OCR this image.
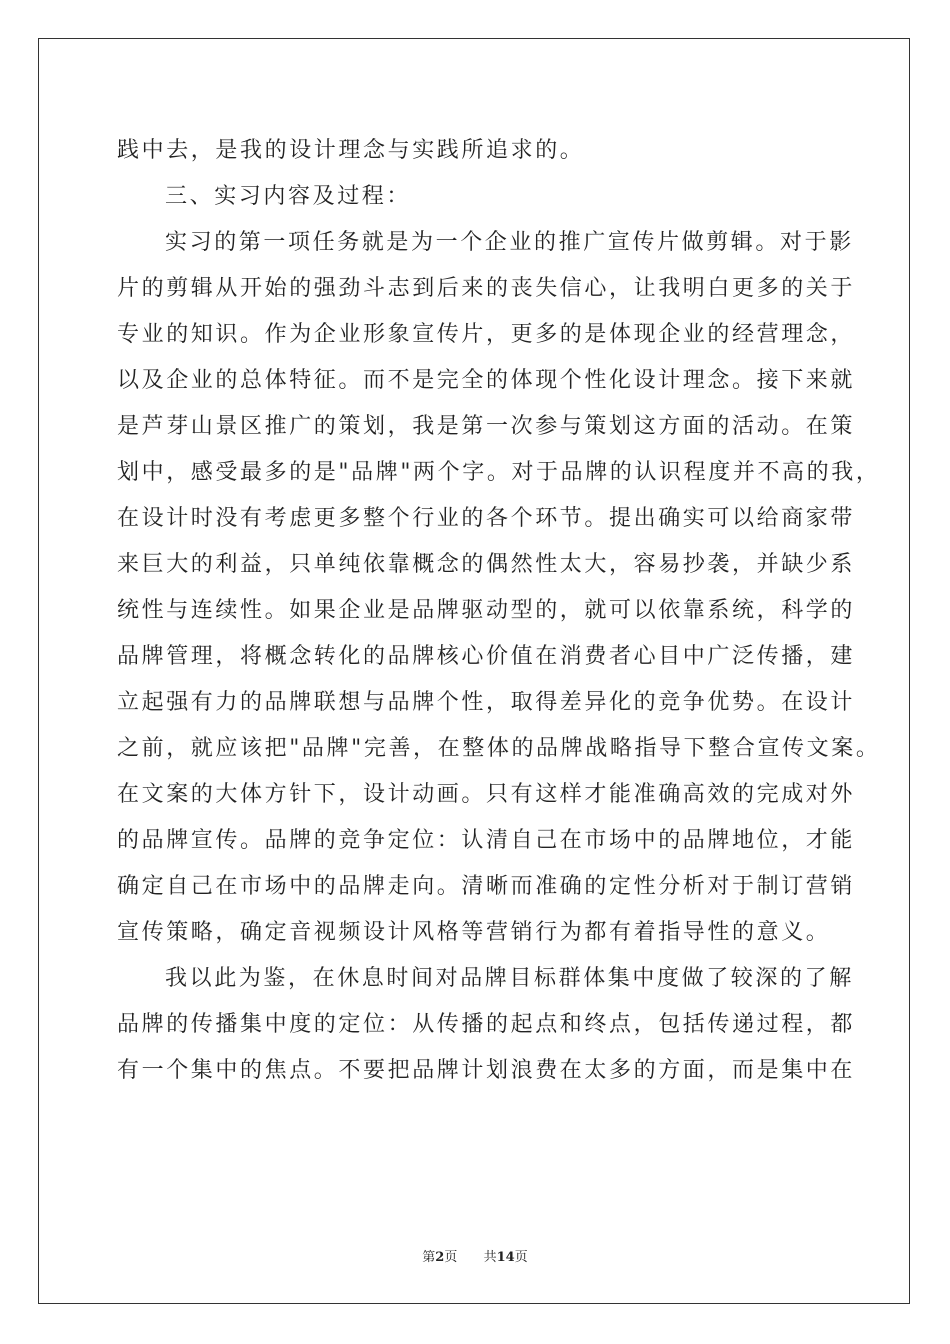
践中去，是我的设计理念与实践所追求的。
三、实习内容及过程：
实习的第一项任务就是为一个企业的推广宣传片做剪辑。对于影
片的剪辑从开始的强劲斗志到后来的丧失信心，让我明白更多的关于
专业的知识。作为企业形象宣传片，更多的是体现企业的经营理念，
以及企业的总体特征。而不是完全的体现个性化设计理念。接下来就
是芦芽山景区推广的策划，我是第一次参与策划这方面的活动。在策
划中，感受最多的是"品牌"两个字。对于品牌的认识程度并不高的我，
在设计时没有考虑更多整个行业的各个环节。提出确实可以给商家带
来巨大的利益，只单纯依靠概念的偶然性太大，容易抄袭，并缺少系
统性与连续性。如果企业是品牌驱动型的，就可以依靠系统，科学的
品牌管理，将概念转化的品牌核心价值在消费者心目中广泛传播，建
立起强有力的品牌联想与品牌个性，取得差异化的竞争优势。在设计
之前，就应该把"品牌"完善，在整体的品牌战略指导下整合宣传文案。
在文案的大体方针下，设计动画。只有这样才能准确高效的完成对外
的品牌宣传。品牌的竞争定位：认清自己在市场中的品牌地位，才能
确定自己在市场中的品牌走向。清晰而准确的定性分析对于制订营销
宣传策略，确定音视频设计风格等营销行为都有着指导性的意义。
我以此为鉴，在休息时间对品牌目标群体集中度做了较深的了解
品牌的传播集中度的定位：从传播的起点和终点，包括传递过程，都
有一个集中的焦点。不要把品牌计划浪费在太多的方面，而是集中在
第2页 共14页
